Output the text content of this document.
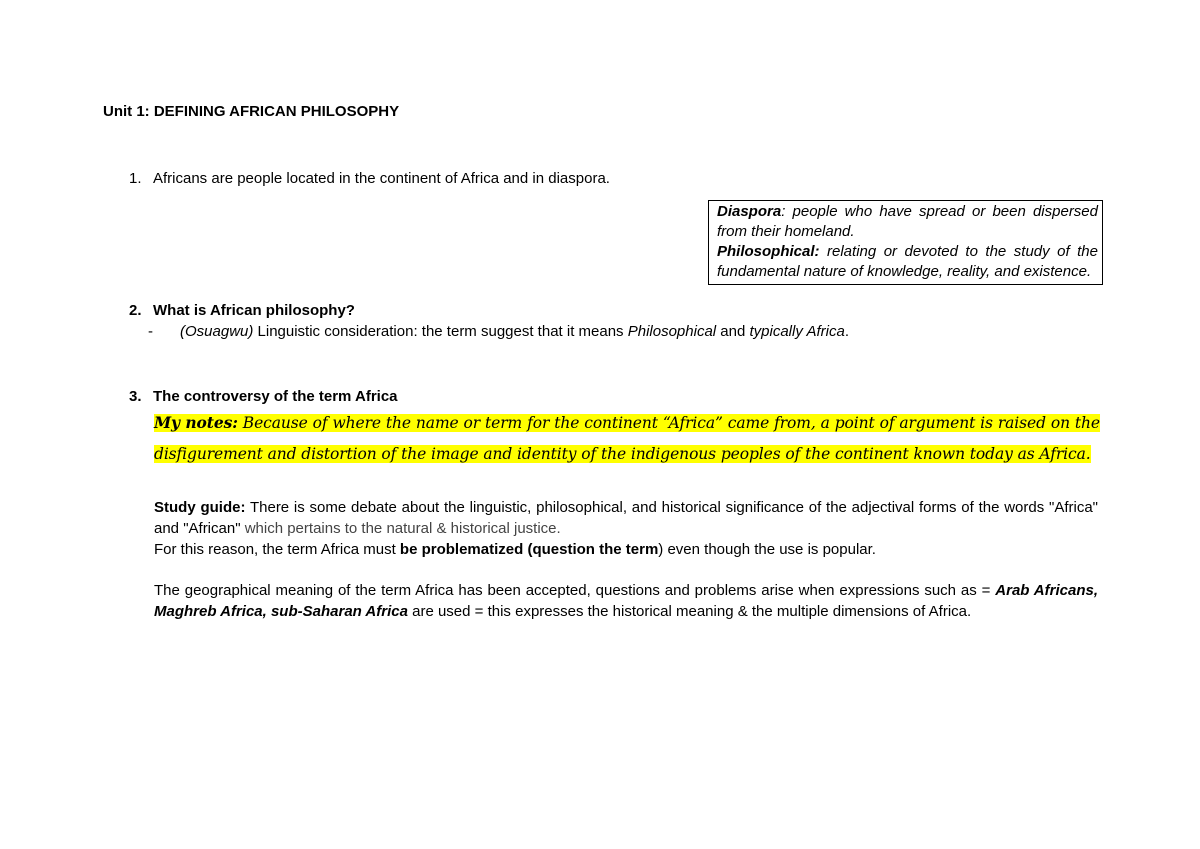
Unit 1: DEFINING AFRICAN PHILOSOPHY
1. Africans are people located in the continent of Africa and in diaspora.
Diaspora: people who have spread or been dispersed from their homeland.
Philosophical: relating or devoted to the study of the fundamental nature of knowledge, reality, and existence.
2. What is African philosophy?
- (Osuagwu) Linguistic consideration: the term suggest that it means Philosophical and typically Africa.
3. The controversy of the term Africa
My notes: Because of where the name or term for the continent “Africa” came from, a point of argument is raised on the disfigurement and distortion of the image and identity of the indigenous peoples of the continent known today as Africa.
Study guide: There is some debate about the linguistic, philosophical, and historical significance of the adjectival forms of the words "Africa" and "African" which pertains to the natural & historical justice.
For this reason, the term Africa must be problematized (question the term) even though the use is popular.
The geographical meaning of the term Africa has been accepted, questions and problems arise when expressions such as = Arab Africans, Maghreb Africa, sub-Saharan Africa are used = this expresses the historical meaning & the multiple dimensions of Africa.
